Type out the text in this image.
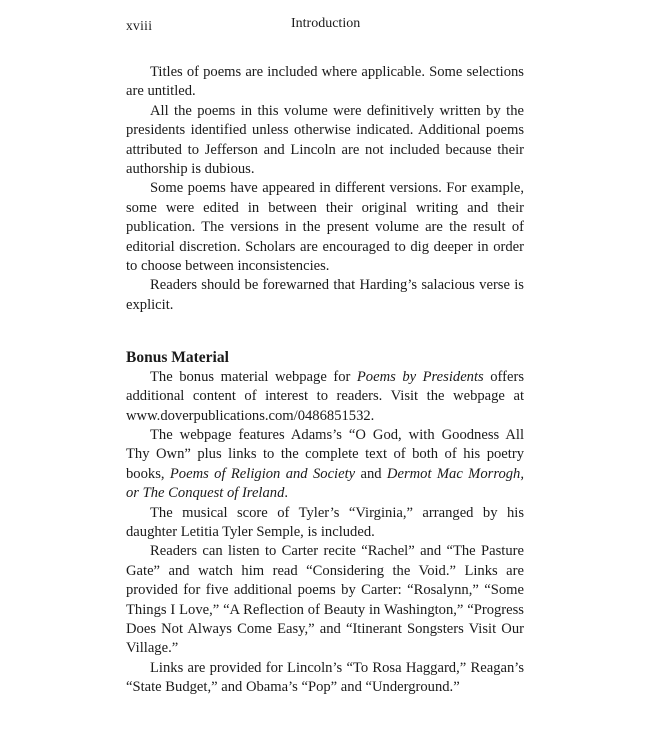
xviii	Introduction

Titles of poems are included where applicable. Some selections are untitled.

All the poems in this volume were definitively written by the presidents identified unless otherwise indicated. Additional poems attributed to Jefferson and Lincoln are not included because their authorship is dubious.

Some poems have appeared in different versions. For example, some were edited in between their original writing and their publication. The versions in the present volume are the result of editorial discretion. Scholars are encouraged to dig deeper in order to choose between inconsistencies.

Readers should be forewarned that Harding’s salacious verse is explicit.

Bonus Material

The bonus material webpage for Poems by Presidents offers additional content of interest to readers. Visit the webpage at www.doverpublications.com/0486851532.

The webpage features Adams’s “O God, with Goodness All Thy Own” plus links to the complete text of both of his poetry books, Poems of Religion and Society and Dermot Mac Morrogh, or The Conquest of Ireland.

The musical score of Tyler’s “Virginia,” arranged by his daughter Letitia Tyler Semple, is included.

Readers can listen to Carter recite “Rachel” and “The Pasture Gate” and watch him read “Considering the Void.” Links are provided for five additional poems by Carter: “Rosalynn,” “Some Things I Love,” “A Reflection of Beauty in Washington,” “Progress Does Not Always Come Easy,” and “Itinerant Songsters Visit Our Village.”

Links are provided for Lincoln’s “To Rosa Haggard,” Reagan’s “State Budget,” and Obama’s “Pop” and “Underground.”
